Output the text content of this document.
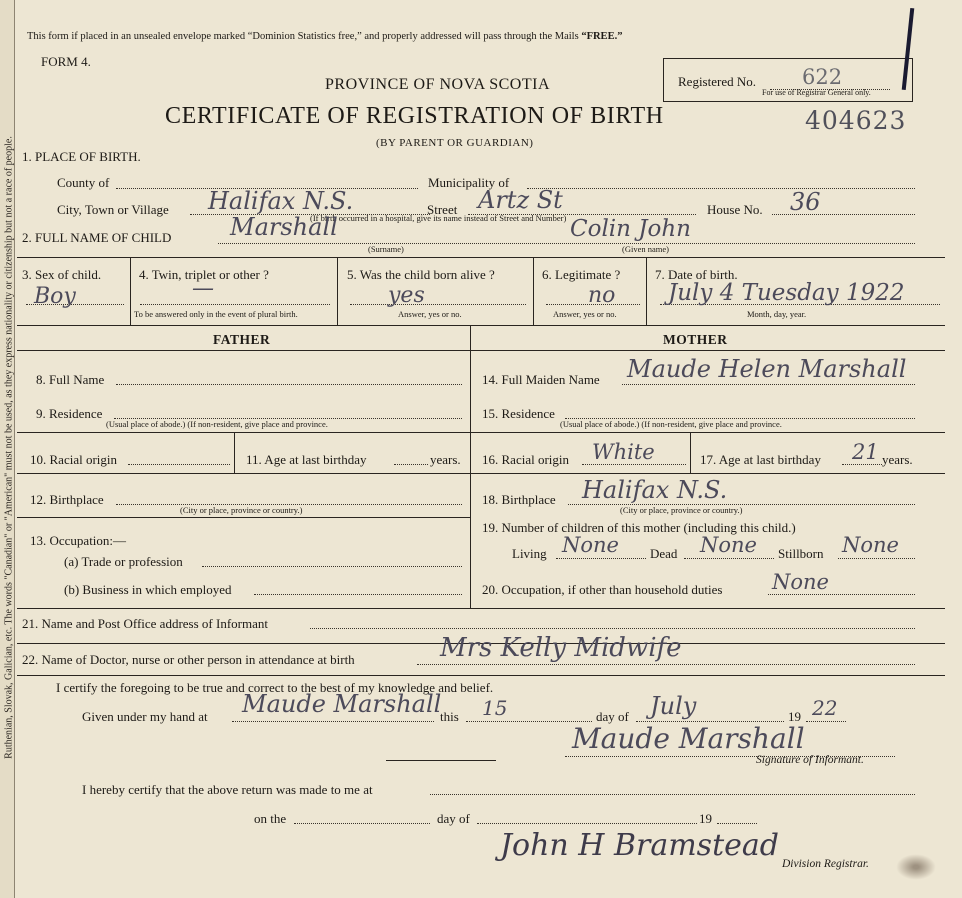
Ruthenian, Slovak, Galician, etc. The words "Canadian" or "American" must not be used, as they express nationality or citizenship but not a race of people.
This form if placed in an unsealed envelope marked “Dominion Statistics free,” and properly addressed will pass through the Mails “FREE.”
FORM 4.
Registered No. 622
For use of Registrar General only.
404623
PROVINCE OF NOVA SCOTIA
CERTIFICATE OF REGISTRATION OF BIRTH
(BY PARENT OR GUARDIAN)
1. PLACE OF BIRTH.
County of	Municipality of
City, Town or Village Halifax N.S.	Street Artz St	House No. 36
(If birth occurred in a hospital, give its name instead of Street and Number)
2. FULL NAME OF CHILD Marshall	Colin John
(Surname)	(Given name)
3. Sex of child.
Boy
4. Twin, triplet or other ?
—
To be answered only in the event of plural birth.
5. Was the child born alive ?
yes
Answer, yes or no.
6. Legitimate ?
no
Answer, yes or no.
7. Date of birth.
July 4 Tuesday 1922
Month, day, year.
FATHER	MOTHER
8. Full Name
9. Residence
(Usual place of abode.) (If non-resident, give place and province.
10. Racial origin	11. Age at last birthday	years.
12. Birthplace
(City or place, province or country.)
13. Occupation:—
(a) Trade or profession
(b) Business in which employed
14. Full Maiden Name Maude Helen Marshall
15. Residence
(Usual place of abode.) (If non-resident, give place and province.
16. Racial origin White	17. Age at last birthday 21 years.
18. Birthplace Halifax N.S.
(City or place, province or country.)
19. Number of children of this mother (including this child.)
Living None Dead None Stillborn None
20. Occupation, if other than household duties None
21. Name and Post Office address of Informant
22. Name of Doctor, nurse or other person in attendance at birth	Mrs Kelly Midwife
I certify the foregoing to be true and correct to the best of my knowledge and belief.
Given under my hand at Maude Marshall
this 15	day of July	19 22
Maude Marshall
Signature of Informant.
I hereby certify that the above return was made to me at
on the	day of	19
John H Bramstead
Division Registrar.
